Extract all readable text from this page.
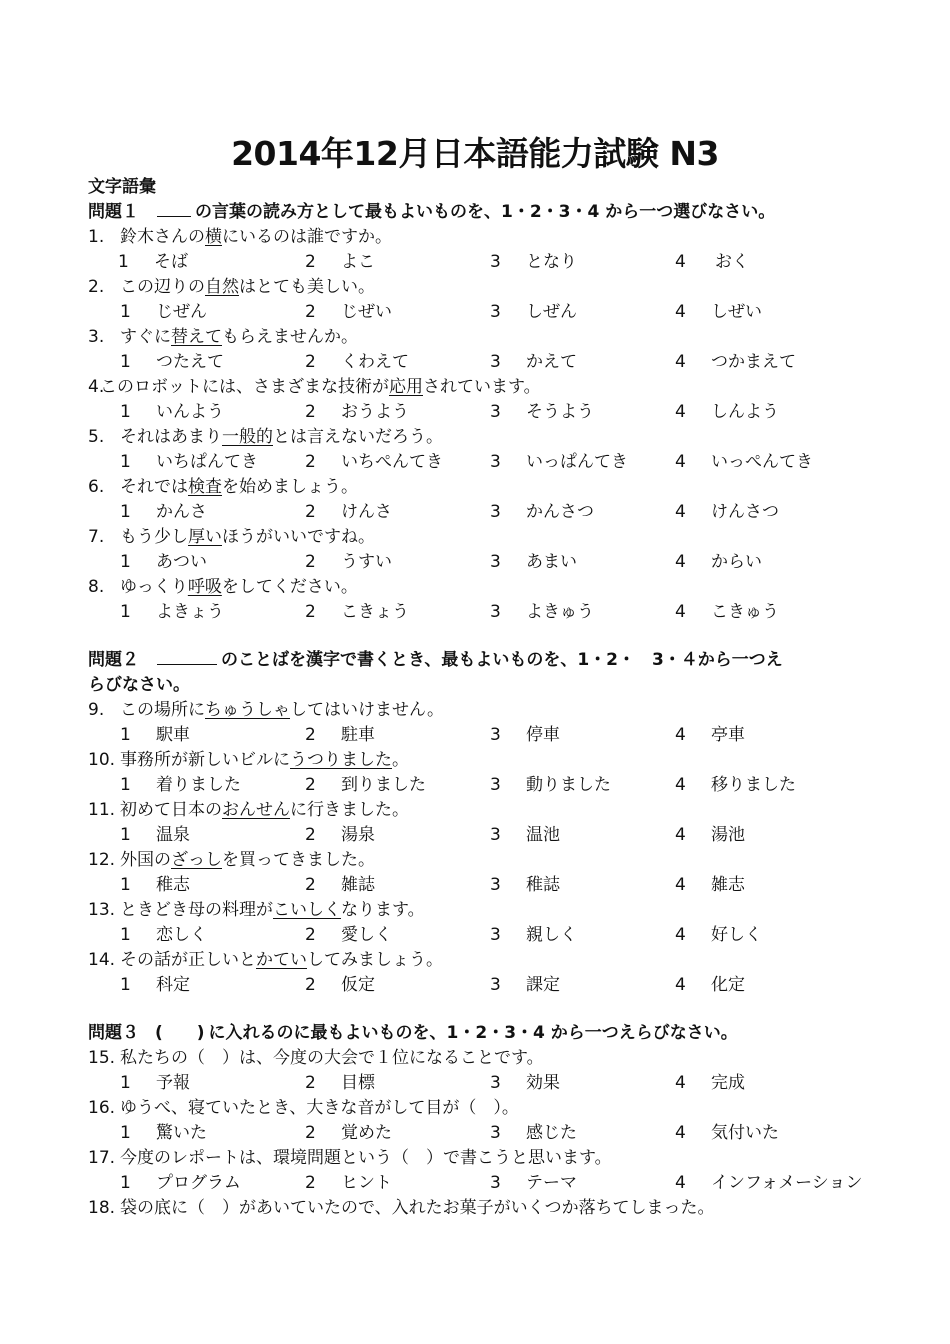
2014年12月日本語能力試験 N3
文字語彙
問題１	の言葉の読み方として最もよいものを、1・2・3・4 から一つ選びなさい。
1. 鈴木さんの横にいるのは誰ですか。
1 そば	2 よこ	3 となり	4 おく
2. この辺りの自然はとても美しい。
1 じぜん	2 じぜい	3 しぜん	4 しぜい
3. すぐに替えてもらえませんか。
1 つたえて	2 くわえて	3 かえて	4 つかまえて
4.このロボットには、さまざまな技術が応用されています。
1 いんよう	2 おうよう	3 そうよう	4 しんよう
5. それはあまり一般的とは言えないだろう。
1 いちぱんてき	2 いちぺんてき	3 いっぱんてき	4 いっぺんてき
6. それでは検査を始めましょう。
1 かんさ	2 けんさ	3 かんさつ	4 けんさつ
7. もう少し厚いほうがいいですね。
1 あつい	2 うすい	3 あまい	4 からい
8. ゆっくり呼吸をしてください。
1 よきょう	2 こきょう	3 よきゅう	4 こきゅう
9. この場所にちゅうしゃしてはいけません。
1 駅車	2 駐車	3 停車	4 亭車
10. 事務所が新しいビルにうつりました。
1 着りました	2 到りました	3 動りました	4 移りました
11. 初めて日本のおんせんに行きました。
1 温泉	2 湯泉	3 温池	4 湯池
12. 外国のざっしを買ってきました。
1 稚志	2 雑誌	3 稚誌	4 雑志
13. ときどき母の料理がこいしくなります。
1 恋しく	2 愛しく	3 親しく	4 好しく
14. その話が正しいとかていしてみましょう。
1 科定	2 仮定	3 課定	4 化定
15. 私たちの（　）は、今度の大会で１位になることです。
1 予報	2 目標	3 効果	4 完成
16. ゆうべ、寝ていたとき、大きな音がして目が（　）。
1 驚いた	2 覚めた	3 感じた	4 気付いた
17. 今度のレポートは、環境問題という（　）で書こうと思います。
1 プログラム	2 ヒント	3 テーマ	4 インフォメーション
18. 袋の底に（　）があいていたので、入れたお菓子がいくつか落ちてしまった。
問題２	のことばを漢字で書くとき、最もよいものを、1・2・　3・４から一つえ
らびなさい。
問題３ (　　) に入れるのに最もよいものを、1・2・3・4 から一つえらびなさい。
